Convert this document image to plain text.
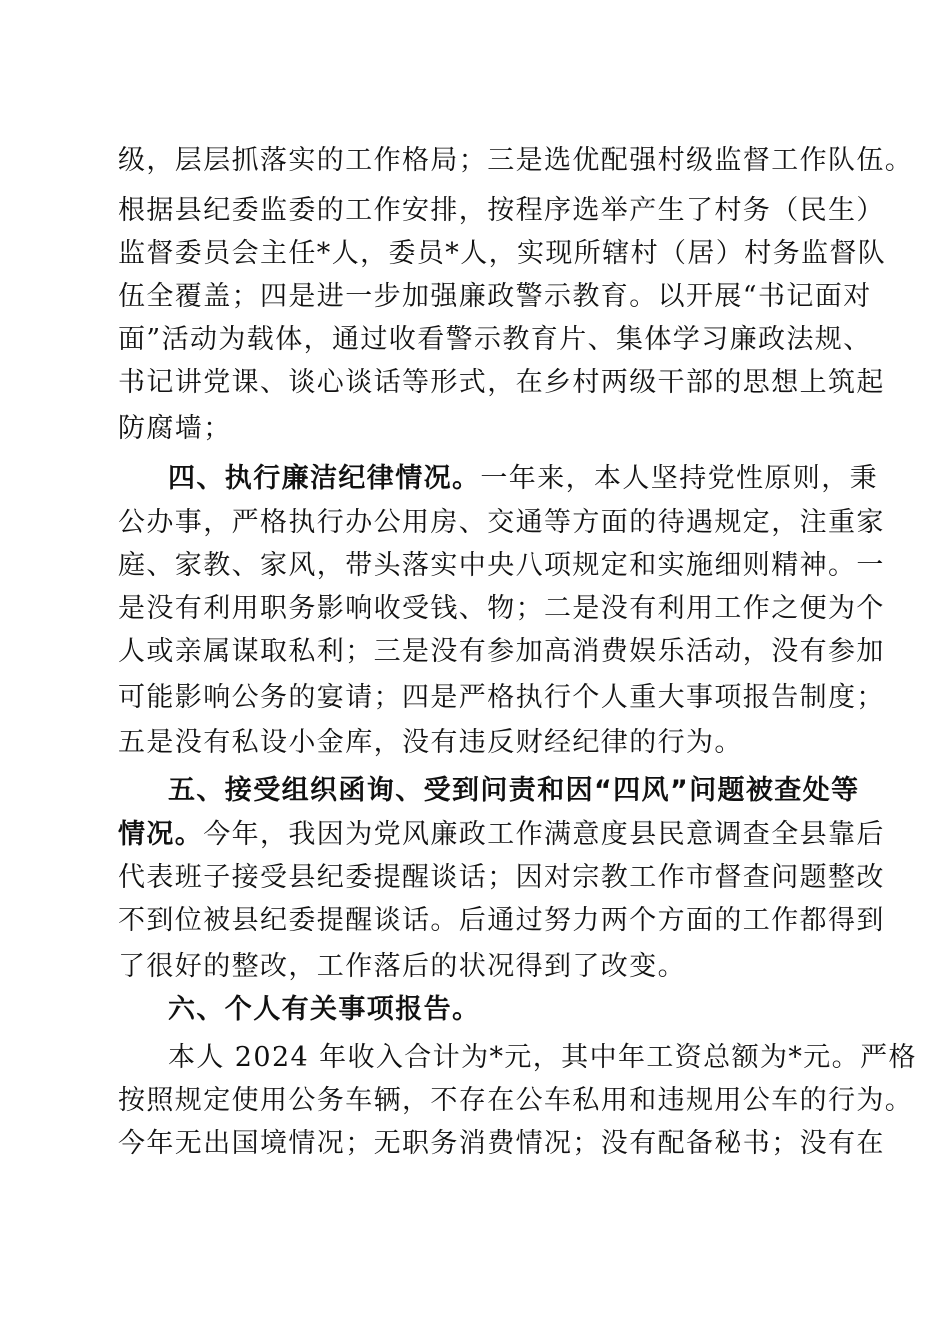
级，层层抓落实的工作格局；三是选优配强村级监督工作队伍。
根据县纪委监委的工作安排，按程序选举产生了村务（民生）
监督委员会主任*人，委员*人，实现所辖村（居）村务监督队
伍全覆盖；四是进一步加强廉政警示教育。以开展“书记面对
面”活动为载体，通过收看警示教育片、集体学习廉政法规、
书记讲党课、谈心谈话等形式，在乡村两级干部的思想上筑起
防腐墙；
四、执行廉洁纪律情况。一年来，本人坚持党性原则，秉
公办事，严格执行办公用房、交通等方面的待遇规定，注重家
庭、家教、家风，带头落实中央八项规定和实施细则精神。一
是没有利用职务影响收受钱、物；二是没有利用工作之便为个
人或亲属谋取私利；三是没有参加高消费娱乐活动，没有参加
可能影响公务的宴请；四是严格执行个人重大事项报告制度；
五是没有私设小金库，没有违反财经纪律的行为。
五、接受组织函询、受到问责和因“四风”问题被查处等
情况。今年，我因为党风廉政工作满意度县民意调查全县靠后
代表班子接受县纪委提醒谈话；因对宗教工作市督查问题整改
不到位被县纪委提醒谈话。后通过努力两个方面的工作都得到
了很好的整改，工作落后的状况得到了改变。
六、个人有关事项报告。
本人 2024 年收入合计为*元，其中年工资总额为*元。严格
按照规定使用公务车辆，不存在公车私用和违规用公车的行为。
今年无出国境情况；无职务消费情况；没有配备秘书；没有在
